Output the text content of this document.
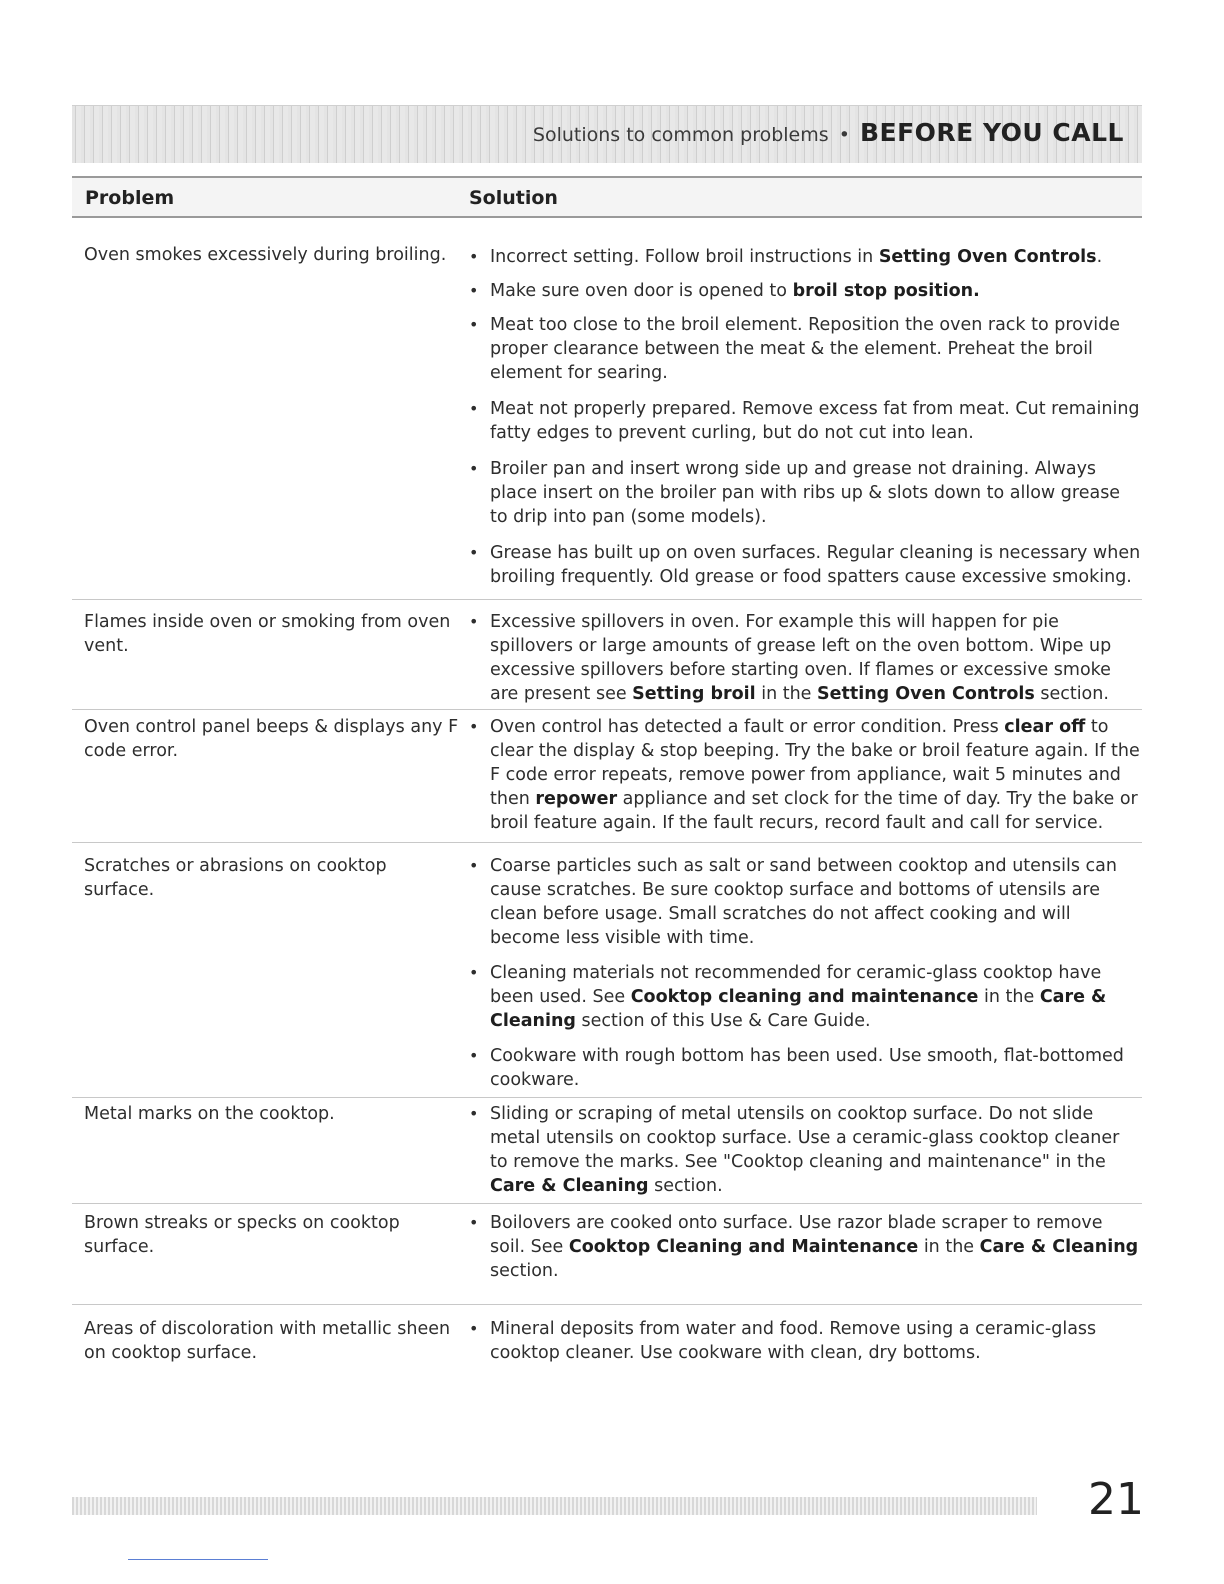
Solutions to common problems • BEFORE YOU CALL
Problem	Solution
Oven smokes excessively during broiling.	• Incorrect setting. Follow broil instructions in Setting Oven Controls.
• Make sure oven door is opened to broil stop position.
• Meat too close to the broil element. Reposition the oven rack to provide proper clearance between the meat & the element. Preheat the broil element for searing.
• Meat not properly prepared. Remove excess fat from meat. Cut remaining fatty edges to prevent curling, but do not cut into lean.
• Broiler pan and insert wrong side up and grease not draining. Always place insert on the broiler pan with ribs up & slots down to allow grease to drip into pan (some models).
• Grease has built up on oven surfaces. Regular cleaning is necessary when broiling frequently. Old grease or food spatters cause excessive smoking.
Flames inside oven or smoking from oven vent.
• Excessive spillovers in oven. For example this will happen for pie spillovers or large amounts of grease left on the oven bottom. Wipe up excessive spillovers before starting oven. If flames or excessive smoke are present see Setting broil in the Setting Oven Controls section.
Oven control panel beeps & displays any F code error.
• Oven control has detected a fault or error condition. Press clear off to clear the display & stop beeping. Try the bake or broil feature again. If the F code error repeats, remove power from appliance, wait 5 minutes and then repower appliance and set clock for the time of day. Try the bake or broil feature again. If the fault recurs, record fault and call for service.
Scratches or abrasions on cooktop surface.
• Coarse particles such as salt or sand between cooktop and utensils can cause scratches. Be sure cooktop surface and bottoms of utensils are clean before usage. Small scratches do not affect cooking and will become less visible with time.
• Cleaning materials not recommended for ceramic-glass cooktop have been used. See Cooktop cleaning and maintenance in the Care & Cleaning section of this Use & Care Guide.
• Cookware with rough bottom has been used. Use smooth, flat-bottomed cookware.
Metal marks on the cooktop.	• Sliding or scraping of metal utensils on cooktop surface. Do not slide metal utensils on cooktop surface. Use a ceramic-glass cooktop cleaner to remove the marks. See "Cooktop cleaning and maintenance" in the Care & Cleaning section.
Brown streaks or specks on cooktop surface.
• Boilovers are cooked onto surface. Use razor blade scraper to remove soil. See Cooktop Cleaning and Maintenance in the Care & Cleaning section.
Areas of discoloration with metallic sheen on cooktop surface.
• Mineral deposits from water and food. Remove using a ceramic-glass cooktop cleaner. Use cookware with clean, dry bottoms.
21
